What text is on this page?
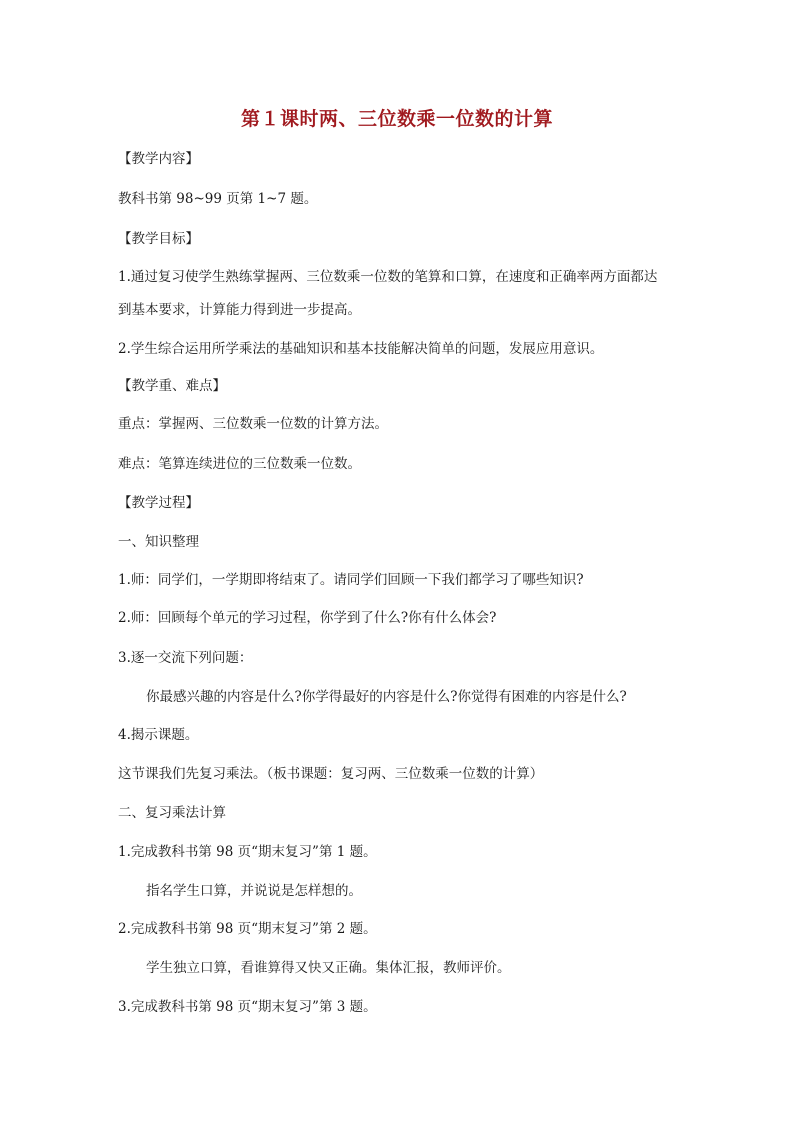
第１课时两、三位数乘一位数的计算
【教学内容】
教科书第 98~99 页第 1~7 题。
【教学目标】
1.通过复习使学生熟练掌握两、三位数乘一位数的笔算和口算，在速度和正确率两方面都达
到基本要求，计算能力得到进一步提高。
2.学生综合运用所学乘法的基础知识和基本技能解决简单的问题，发展应用意识。
【教学重、难点】
重点：掌握两、三位数乘一位数的计算方法。
难点：笔算连续进位的三位数乘一位数。
【教学过程】
一、知识整理
1.师：同学们，一学期即将结束了。请同学们回顾一下我们都学习了哪些知识?
2.师：回顾每个单元的学习过程，你学到了什么?你有什么体会?
3.逐一交流下列问题：
你最感兴趣的内容是什么?你学得最好的内容是什么?你觉得有困难的内容是什么?
4.揭示课题。
这节课我们先复习乘法。（板书课题：复习两、三位数乘一位数的计算）
二、复习乘法计算
1.完成教科书第 98 页“期末复习”第 1 题。
指名学生口算，并说说是怎样想的。
2.完成教科书第 98 页“期末复习”第 2 题。
学生独立口算，看谁算得又快又正确。集体汇报，教师评价。
3.完成教科书第 98 页“期末复习”第 3 题。
